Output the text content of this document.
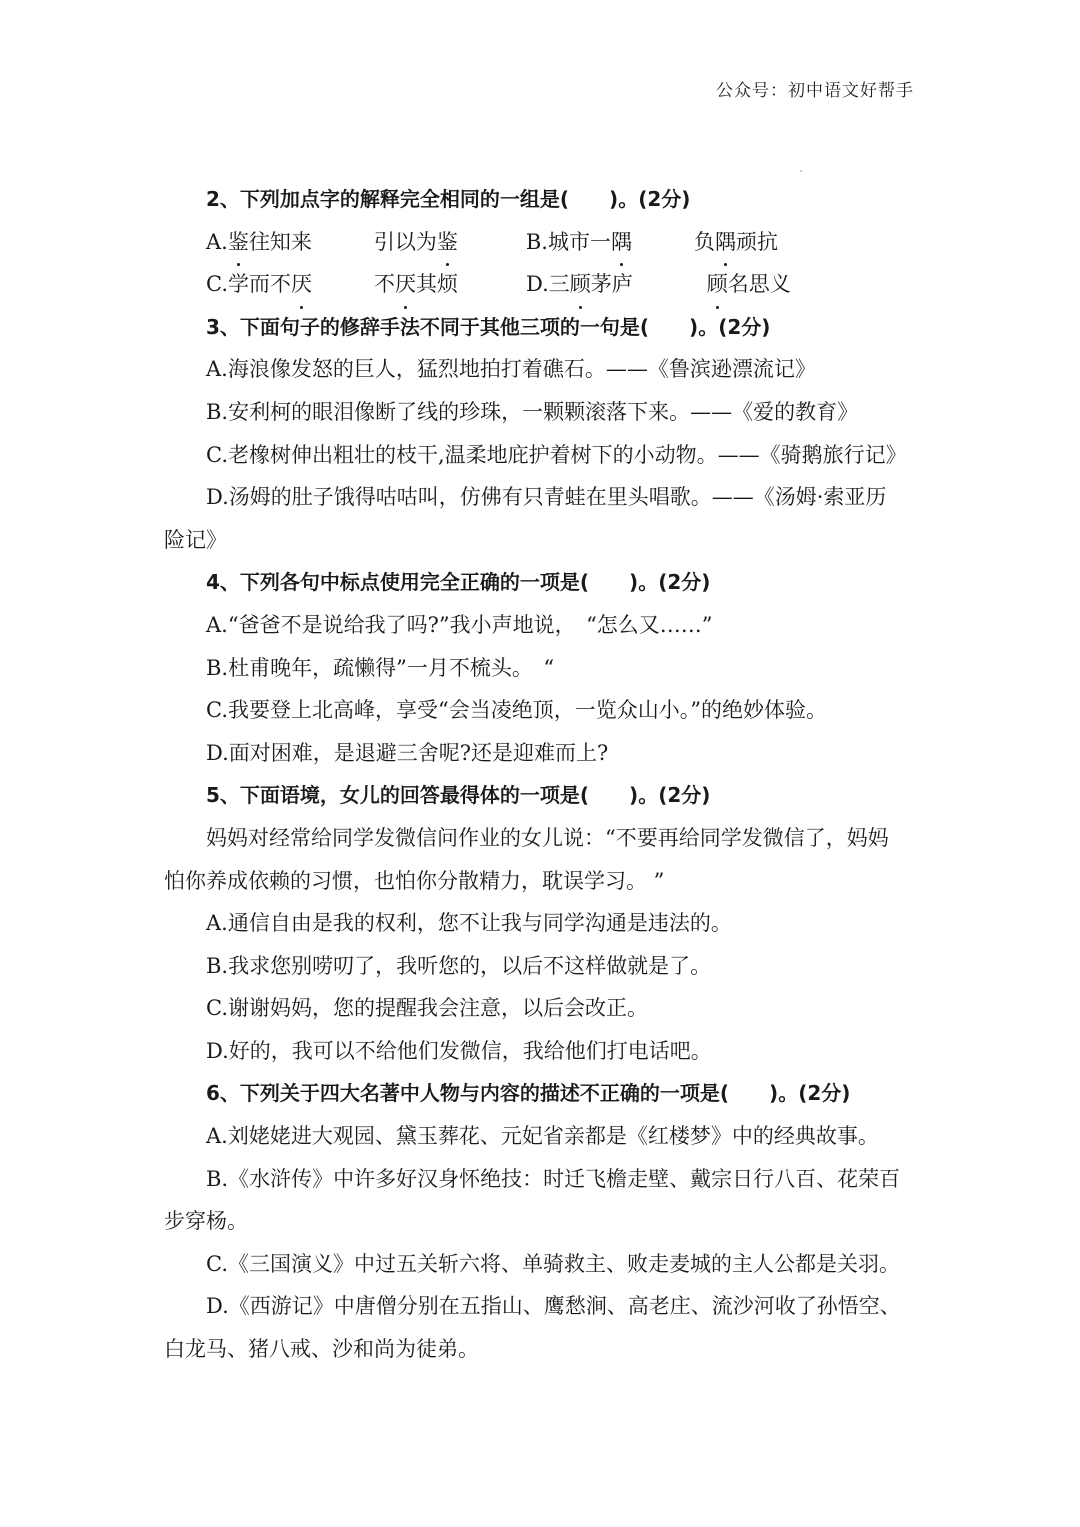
公众号：初中语文好帮手
2、下列加点字的解释完全相同的一组是(　　)。(2分)
A.鉴往知来	引以为鉴	B.城市一隅	负隅顽抗
C.学而不厌	不厌其烦	D.三顾茅庐	顾名思义
3、下面句子的修辞手法不同于其他三项的一句是(　　)。(2分)
A.海浪像发怒的巨人，猛烈地拍打着礁石。——《鲁滨逊漂流记》
B.安利柯的眼泪像断了线的珍珠，一颗颗滚落下来。——《爱的教育》
C.老橡树伸出粗壮的枝干,温柔地庇护着树下的小动物。——《骑鹅旅行记》
D.汤姆的肚子饿得咕咕叫，仿佛有只青蛙在里头唱歌。——《汤姆·索亚历
险记》
4、下列各句中标点使用完全正确的一项是(　　)。(2分)
A.“爸爸不是说给我了吗?”我小声地说，　“怎么又……”
B.杜甫晚年，疏懒得”一月不梳头。　“
C.我要登上北高峰，享受“会当凌绝顶，一览众山小。”的绝妙体验。
D.面对困难，是退避三舍呢?还是迎难而上?
5、下面语境，女儿的回答最得体的一项是(　　)。(2分)
妈妈对经常给同学发微信问作业的女儿说：“不要再给同学发微信了，妈妈
怕你养成依赖的习惯，也怕你分散精力，耽误学习。 ”
A.通信自由是我的权利，您不让我与同学沟通是违法的。
B.我求您别唠叨了，我听您的，以后不这样做就是了。
C.谢谢妈妈，您的提醒我会注意，以后会改正。
D.好的，我可以不给他们发微信，我给他们打电话吧。
6、下列关于四大名著中人物与内容的描述不正确的一项是(　　)。(2分)
A.刘姥姥进大观园、黛玉葬花、元妃省亲都是《红楼梦》中的经典故事。
B.《水浒传》中许多好汉身怀绝技：时迁飞檐走壁、戴宗日行八百、花荣百
步穿杨。
C.《三国演义》中过五关斩六将、单骑救主、败走麦城的主人公都是关羽。
D.《西游记》中唐僧分别在五指山、鹰愁涧、高老庄、流沙河收了孙悟空、
白龙马、猪八戒、沙和尚为徒弟。
